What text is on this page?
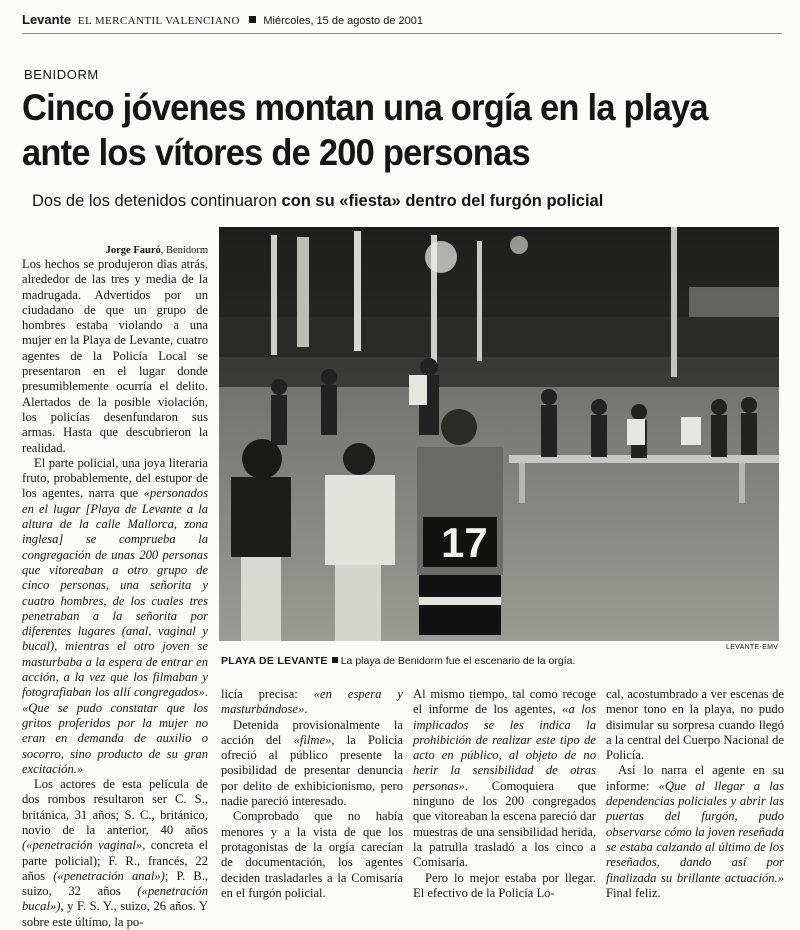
Levante EL MERCANTIL VALENCIANO Miércoles, 15 de agosto de 2001
BENIDORM
Cinco jóvenes montan una orgía en la playa ante los vítores de 200 personas
Dos de los detenidos continuaron con su «fiesta» dentro del furgón policial
17
LEVANTE-EMV
PLAYA DE LEVANTE La playa de Benidorm fue el escenario de la orgía.
Jorge Fauró, Benidorm

Los hechos se produjeron dias atrás, alrededor de las tres y media de la madrugada. Advertidos por un ciudadano de que un grupo de hombres estaba violando a una mujer en la Playa de Levante, cuatro agentes de la Policía Local se presentaron en el lugar donde presumiblemente ocurría el delito. Alertados de la posible violación, los policías desenfundaron sus armas. Hasta que descubrieron la realidad.

El parte policial, una joya literaria fruto, probablemente, del estupor de los agentes, narra que «personados en el lugar [Playa de Levante a la altura de la calle Mallorca, zona inglesa] se comprueba la congregación de unas 200 personas que vitoreaban a otro grupo de cinco personas, una señorita y cuatro hombres, de los cuales tres penetraban a la señorita por diferentes lugares (anal, vaginal y bucal), mientras el otro joven se masturbaba a la espera de entrar en acción, a la vez que los filmaban y fotografiaban los allí congregados». «Que se pudo constatar que los gritos proferidos por la mujer no eran en demanda de auxilio o socorro, sino producto de su gran excitación.»

Los actores de esta película de dos rombos resultaron ser C. S., británica, 31 años; S. C., británico, novio de la anterior, 40 años («penetración vaginal», concreta el parte policial); F. R., francés, 22 años («penetración anal»); P. B., suizo, 32 años («penetración bucal»), y F. S. Y., suizo, 26 años. Y sobre este último, la po-

licía precisa: «en espera y masturbándose».

Detenida provisionalmente la acción del «filme», la Policía ofreció al público presente la posibilidad de presentar denuncia por delito de exhibicionismo, pero nadie pareció interesado.

Comprobado que no había menores y a la vista de que los protagonistas de la orgía carecían de documentación, los agentes deciden trasladarles a la Comisaría en el furgón policial.

Al mismo tiempo, tal como recoge el informe de los agentes, «a los implicados se les indica la prohibición de realizar este tipo de acto en público, al objeto de no herir la sensibilidad de otras personas». Comoquiera que ninguno de los 200 congregados que vitoreaban la escena pareció dar muestras de una sensibilidad herida, la patrulla trasladó a los cinco a Comisaría.

Pero lo mejor estaba por llegar. El efectivo de la Policía Lo-

cal, acostumbrado a ver escenas de menor tono en la playa, no pudo disimular su sorpresa cuando llegó a la central del Cuerpo Nacional de Policía.

Así lo narra el agente en su informe: «Que al llegar a las dependencias policiales y abrir las puertas del furgón, pudo observarse cómo la joven reseñada se estaba calzando al último de los reseñados, dando así por finalizada su brillante actuación.» Final feliz.
